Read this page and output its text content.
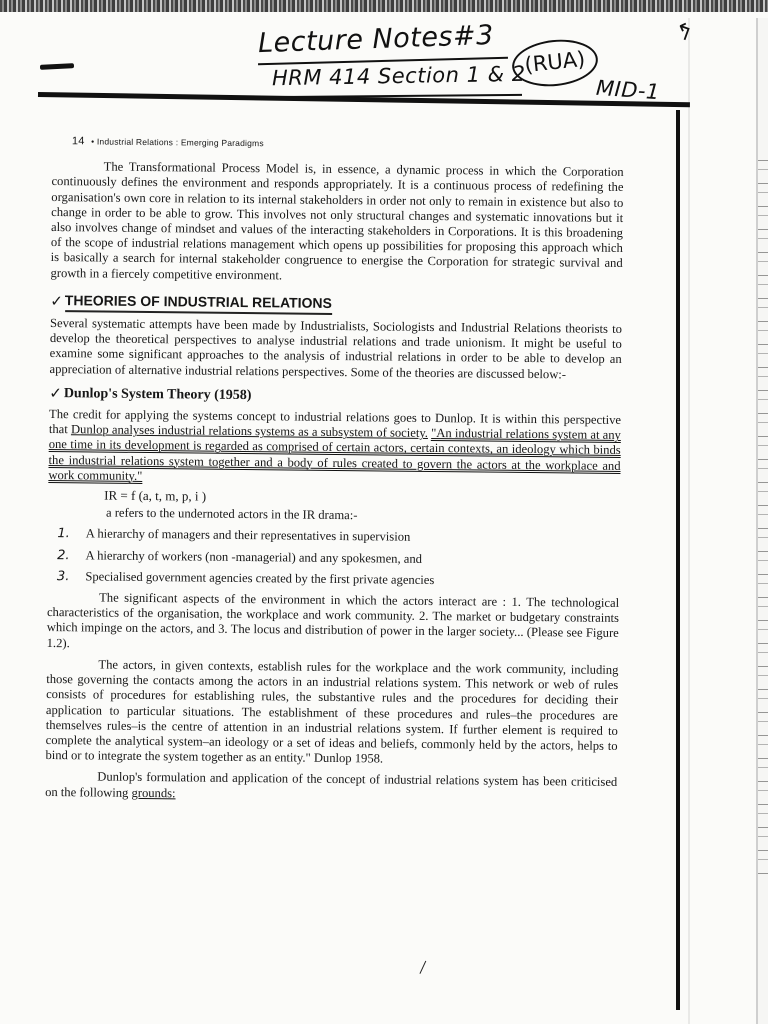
Lecture Notes#3
HRM 414 Section 1 & 2
(RUA)
MID-1
↰
14 • Industrial Relations : Emerging Paradigms

The Transformational Process Model is, in essence, a dynamic process in which the Corporation continuously defines the environment and responds appropriately. It is a continuous process of redefining the organisation's own core in relation to its internal stakeholders in order not only to remain in existence but also to change in order to be able to grow. This involves not only structural changes and systematic innovations but it also involves change of mindset and values of the interacting stakeholders in Corporations. It is this broadening of the scope of industrial relations management which opens up possibilities for proposing this approach which is basically a search for internal stakeholder congruence to energise the Corporation for strategic survival and growth in a fiercely competitive environment.

✓ THEORIES OF INDUSTRIAL RELATIONS

Several systematic attempts have been made by Industrialists, Sociologists and Industrial Relations theorists to develop the theoretical perspectives to analyse industrial relations and trade unionism. It might be useful to examine some significant approaches to the analysis of industrial relations in order to be able to develop an appreciation of alternative industrial relations perspectives. Some of the theories are discussed below:-

✓ Dunlop's System Theory (1958)

The credit for applying the systems concept to industrial relations goes to Dunlop. It is within this perspective that Dunlop analyses industrial relations systems as a subsystem of society. "An industrial relations system at any one time in its development is regarded as comprised of certain actors, certain contexts, an ideology which binds the industrial relations system together and a body of rules created to govern the actors at the workplace and work community."

IR = f (a, t, m, p, i )
a refers to the undernoted actors in the IR drama:-
1.	A hierarchy of managers and their representatives in supervision
2.	A hierarchy of workers (non -managerial) and any spokesmen, and
3.	Specialised government agencies created by the first private agencies

The significant aspects of the environment in which the actors interact are : 1. The technological characteristics of the organisation, the workplace and work community. 2. The market or budgetary constraints which impinge on the actors, and 3. The locus and distribution of power in the larger society... (Please see Figure 1.2).

The actors, in given contexts, establish rules for the workplace and the work community, including those governing the contacts among the actors in an industrial relations system. This network or web of rules consists of procedures for establishing rules, the substantive rules and the procedures for deciding their application to particular situations. The establishment of these procedures and rules–the procedures are themselves rules–is the centre of attention in an industrial relations system. If further element is required to complete the analytical system–an ideology or a set of ideas and beliefs, commonly held by the actors, helps to bind or to integrate the system together as an entity." Dunlop 1958.

Dunlop's formulation and application of the concept of industrial relations system has been criticised on the following grounds:
